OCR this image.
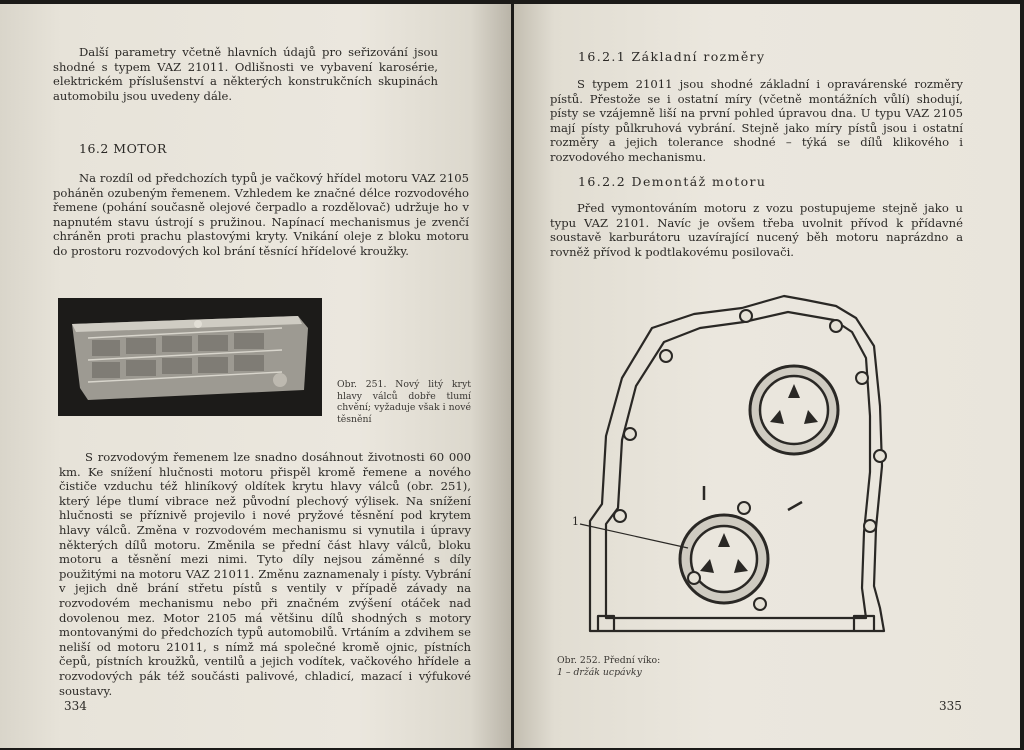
Další parametry včetně hlavních údajů pro seřizování jsou shodné s typem VAZ 21011. Odlišnosti ve vybavení karosérie, elektrickém příslušenství a některých konstrukčních skupinách automobilu jsou uvedeny dále.

16.2 MOTOR

Na rozdíl od předchozích typů je vačkový hřídel motoru VAZ 2105 poháněn ozubeným řemenem. Vzhledem ke značné délce rozvodového řemene (pohání současně olejové čerpadlo a rozdělovač) udržuje ho v napnutém stavu ústrojí s pružinou. Napínací mechanismus je zvenčí chráněn proti prachu plastovými kryty. Vnikání oleje z bloku motoru do prostoru rozvodových kol brání těsnící hřídelové kroužky.

Obr. 251. Nový litý kryt hlavy válců dobře tlumí chvění; vyžaduje však i nové těsnění

S rozvodovým řemenem lze snadno dosáhnout životnosti 60 000 km. Ke snížení hlučnosti motoru přispěl kromě řemene a nového čističe vzduchu též hliníkový oldítek krytu hlavy válců (obr. 251), který lépe tlumí vibrace než původní plechový výlisek. Na snížení hlučnosti se příznivě projevilo i nové pryžové těsnění pod krytem hlavy válců. Změna v rozvodovém mechanismu si vynutila i úpravy některých dílů motoru. Změnila se přední část hlavy válců, bloku motoru a těsnění mezi nimi. Tyto díly nejsou záměnné s díly použitými na motoru VAZ 21011. Změnu zaznamenaly i písty. Vybrání v jejich dně brání střetu pístů s ventily v případě závady na rozvodovém mechanismu nebo při značném zvýšení otáček nad dovolenou mez. Motor 2105 má většinu dílů shodných s motory montovanými do předchozích typů automobilů. Vrtáním a zdvihem se neliší od motoru 21011, s nímž má společné kromě ojnic, pístních čepů, pístních kroužků, ventilů a jejich vodítek, vačkového hřídele a rozvodových pák též součásti palivové, chladicí, mazací i výfukové soustavy.

334
16.2.1 Základní rozměry

S typem 21011 jsou shodné základní i opravárenské rozměry pístů. Přestože se i ostatní míry (včetně montážních vůlí) shodují, písty se vzájemně liší na první pohled úpravou dna. U typu VAZ 2105 mají písty půlkruhová vybrání. Stejně jako míry pístů jsou i ostatní rozměry a jejich tolerance shodné – týká se dílů klikového i rozvodového mechanismu.

16.2.2 Demontáž motoru

Před vymontováním motoru z vozu postupujeme stejně jako u typu VAZ 2101. Navíc je ovšem třeba uvolnit přívod k přídavné soustavě karburátoru uzavírající nucený běh motoru naprázdno a rovněž přívod k podtlakovému posilovači.

1
Obr. 252. Přední víko:
1 – držák ucpávky
335
